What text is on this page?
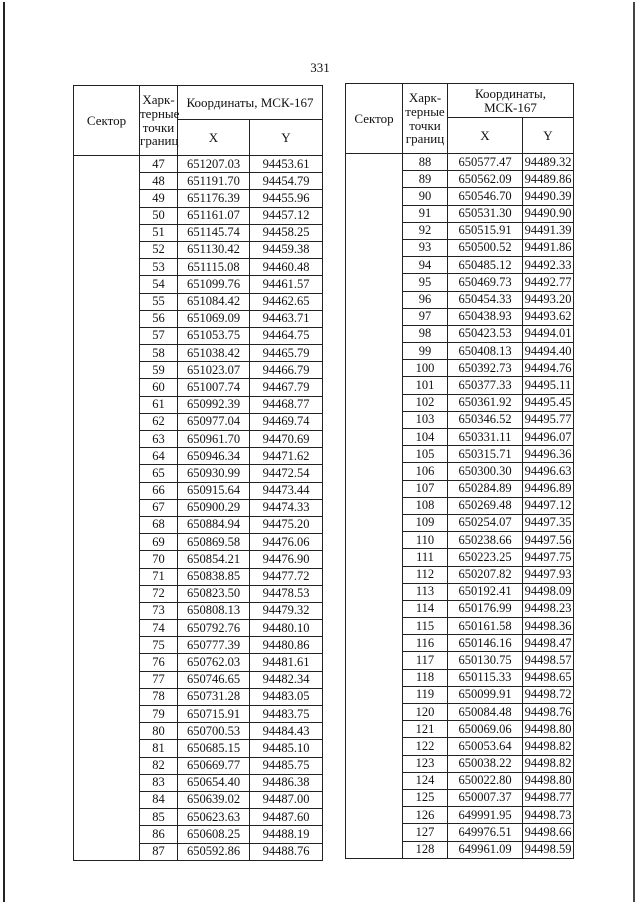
331
Сектор	Харк-терные точки границ	Координаты, МСК-167	
		X	Y
	47	651207.03	94453.61
	48	651191.70	94454.79
	49	651176.39	94455.96
	50	651161.07	94457.12
	51	651145.74	94458.25
	52	651130.42	94459.38
	53	651115.08	94460.48
	54	651099.76	94461.57
	55	651084.42	94462.65
	56	651069.09	94463.71
	57	651053.75	94464.75
	58	651038.42	94465.79
	59	651023.07	94466.79
	60	651007.74	94467.79
	61	650992.39	94468.77
	62	650977.04	94469.74
	63	650961.70	94470.69
	64	650946.34	94471.62
	65	650930.99	94472.54
	66	650915.64	94473.44
	67	650900.29	94474.33
	68	650884.94	94475.20
	69	650869.58	94476.06
	70	650854.21	94476.90
	71	650838.85	94477.72
	72	650823.50	94478.53
	73	650808.13	94479.32
	74	650792.76	94480.10
	75	650777.39	94480.86
	76	650762.03	94481.61
	77	650746.65	94482.34
	78	650731.28	94483.05
	79	650715.91	94483.75
	80	650700.53	94484.43
	81	650685.15	94485.10
	82	650669.77	94485.75
	83	650654.40	94486.38
	84	650639.02	94487.00
	85	650623.63	94487.60
	86	650608.25	94488.19
	87	650592.86	94488.76
Сектор	Харк-терные точки границ	Координаты, МСК-167	
		X	Y
	88	650577.47	94489.32
	89	650562.09	94489.86
	90	650546.70	94490.39
	91	650531.30	94490.90
	92	650515.91	94491.39
	93	650500.52	94491.86
	94	650485.12	94492.33
	95	650469.73	94492.77
	96	650454.33	94493.20
	97	650438.93	94493.62
	98	650423.53	94494.01
	99	650408.13	94494.40
	100	650392.73	94494.76
	101	650377.33	94495.11
	102	650361.92	94495.45
	103	650346.52	94495.77
	104	650331.11	94496.07
	105	650315.71	94496.36
	106	650300.30	94496.63
	107	650284.89	94496.89
	108	650269.48	94497.12
	109	650254.07	94497.35
	110	650238.66	94497.56
	111	650223.25	94497.75
	112	650207.82	94497.93
	113	650192.41	94498.09
	114	650176.99	94498.23
	115	650161.58	94498.36
	116	650146.16	94498.47
	117	650130.75	94498.57
	118	650115.33	94498.65
	119	650099.91	94498.72
	120	650084.48	94498.76
	121	650069.06	94498.80
	122	650053.64	94498.82
	123	650038.22	94498.82
	124	650022.80	94498.80
	125	650007.37	94498.77
	126	649991.95	94498.73
	127	649976.51	94498.66
	128	649961.09	94498.59
